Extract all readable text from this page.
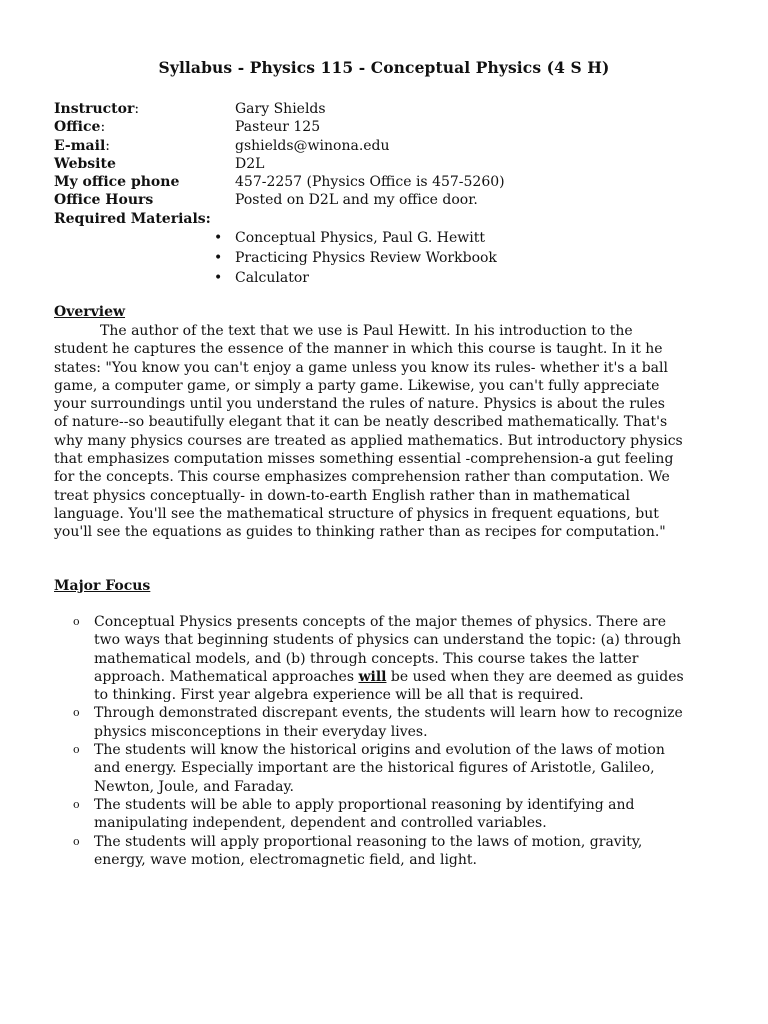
Syllabus - Physics 115 - Conceptual Physics (4 S H)
Instructor:	Gary Shields
Office:	Pasteur 125
E-mail:	gshields@winona.edu
Website	D2L
My office phone	457-2257 (Physics Office is 457-5260)
Office Hours	Posted on D2L and my office door.
Required Materials:
• Conceptual Physics, Paul G. Hewitt
• Practicing Physics Review Workbook
• Calculator
Overview
The author of the text that we use is Paul Hewitt. In his introduction to the
student he captures the essence of the manner in which this course is taught. In it he
states: "You know you can't enjoy a game unless you know its rules- whether it's a ball
game, a computer game, or simply a party game. Likewise, you can't fully appreciate
your surroundings until you understand the rules of nature. Physics is about the rules
of nature--so beautifully elegant that it can be neatly described mathematically. That's
why many physics courses are treated as applied mathematics. But introductory physics
that emphasizes computation misses something essential -comprehension-a gut feeling
for the concepts. This course emphasizes comprehension rather than computation. We
treat physics conceptually- in down-to-earth English rather than in mathematical
language. You'll see the mathematical structure of physics in frequent equations, but
you'll see the equations as guides to thinking rather than as recipes for computation."
Major Focus
o Conceptual Physics presents concepts of the major themes of physics. There are
two ways that beginning students of physics can understand the topic: (a) through
mathematical models, and (b) through concepts. This course takes the latter
approach. Mathematical approaches will be used when they are deemed as guides
to thinking. First year algebra experience will be all that is required.
o Through demonstrated discrepant events, the students will learn how to recognize
physics misconceptions in their everyday lives.
o The students will know the historical origins and evolution of the laws of motion
and energy. Especially important are the historical figures of Aristotle, Galileo,
Newton, Joule, and Faraday.
o The students will be able to apply proportional reasoning by identifying and
manipulating independent, dependent and controlled variables.
o The students will apply proportional reasoning to the laws of motion, gravity,
energy, wave motion, electromagnetic field, and light.
